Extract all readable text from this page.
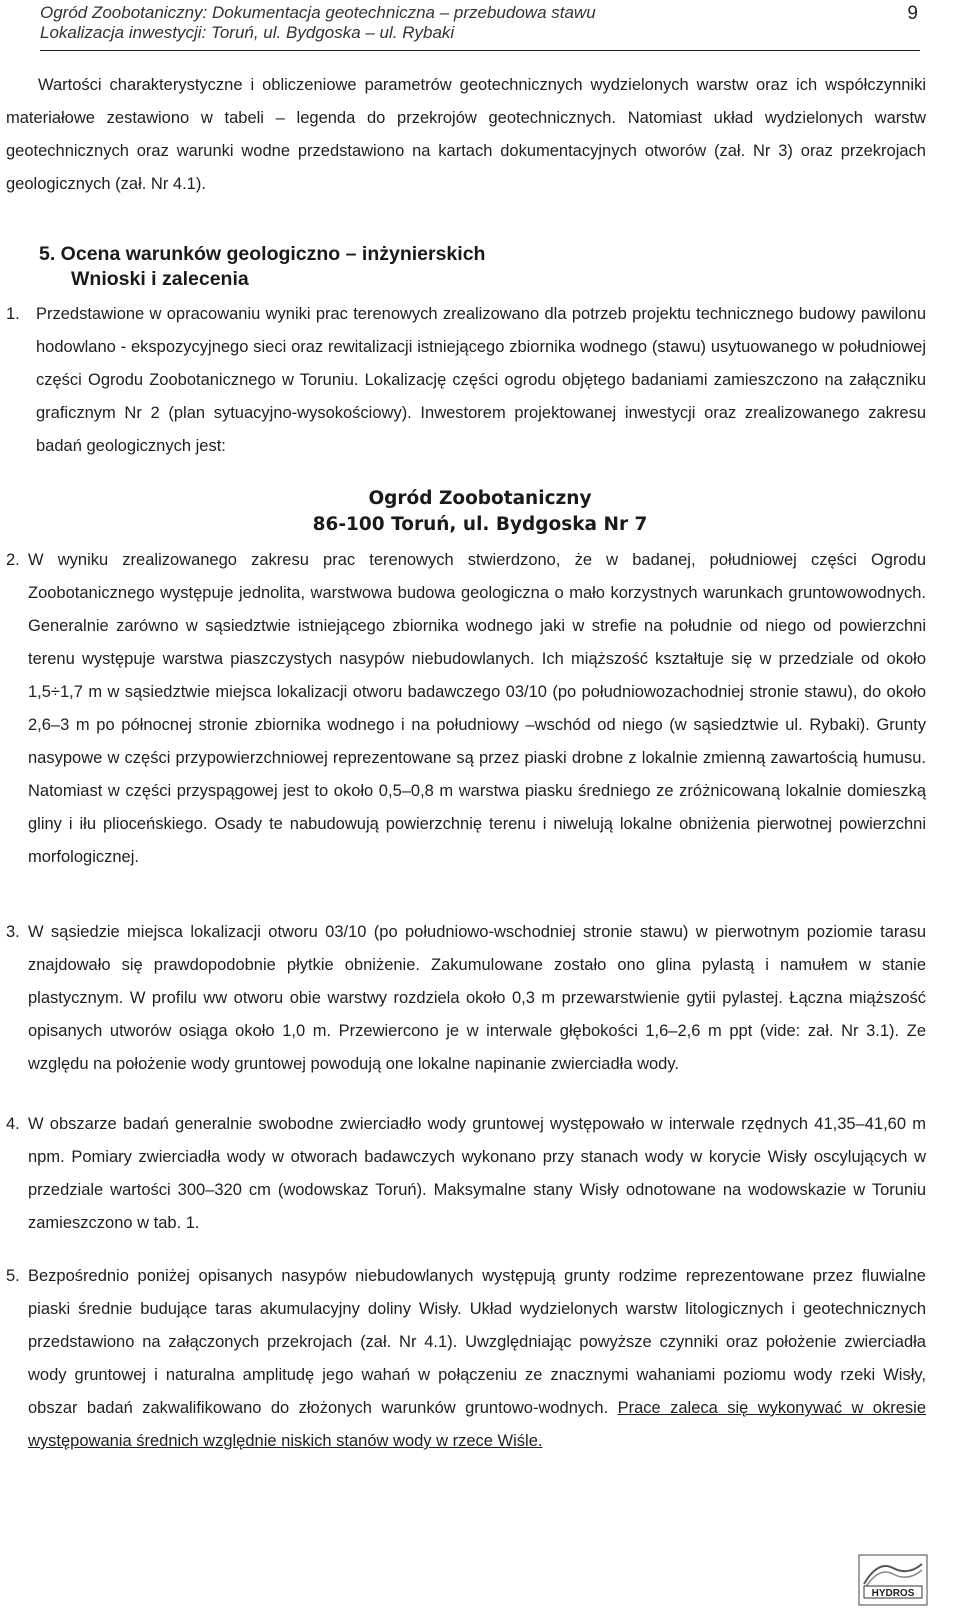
Ogród Zoobotaniczny: Dokumentacja geotechniczna – przebudowa stawu
Lokalizacja inwestycji: Toruń, ul. Bydgoska – ul. Rybaki
9
Wartości charakterystyczne i obliczeniowe parametrów geotechnicznych wydzielonych warstw oraz ich współczynniki materiałowe zestawiono w tabeli – legenda do przekrojów geotechnicznych. Natomiast układ wydzielonych warstw geotechnicznych oraz warunki wodne przedstawiono na kartach dokumentacyjnych otworów (zał. Nr 3) oraz przekrojach geologicznych (zał. Nr 4.1).
5. Ocena warunków geologiczno – inżynierskich
Wnioski i zalecenia
1. Przedstawione w opracowaniu wyniki prac terenowych zrealizowano dla potrzeb projektu technicznego budowy pawilonu hodowlano - ekspozycyjnego sieci oraz rewitalizacji istniejącego zbiornika wodnego (stawu) usytuowanego w południowej części Ogrodu Zoobotanicznego w Toruniu. Lokalizację części ogrodu objętego badaniami zamieszczono na załączniku graficznym Nr 2 (plan sytuacyjno-wysokościowy). Inwestorem projektowanej inwestycji oraz zrealizowanego zakresu badań geologicznych jest:
Ogród Zoobotaniczny
86-100 Toruń, ul. Bydgoska Nr 7
2. W wyniku zrealizowanego zakresu prac terenowych stwierdzono, że w badanej, południowej części Ogrodu Zoobotanicznego występuje jednolita, warstwowa budowa geologiczna o mało korzystnych warunkach gruntowowodnych. Generalnie zarówno w sąsiedztwie istniejącego zbiornika wodnego jaki w strefie na południe od niego od powierzchni terenu występuje warstwa piaszczystych nasypów niebudowlanych. Ich miąższość kształtuje się w przedziale od około 1,5÷1,7 m w sąsiedztwie miejsca lokalizacji otworu badawczego 03/10 (po południowozachodniej stronie stawu), do około 2,6–3 m po północnej stronie zbiornika wodnego i na południowy –wschód od niego (w sąsiedztwie ul. Rybaki). Grunty nasypowe w części przypowierzchniowej reprezentowane są przez piaski drobne z lokalnie zmienną zawartością humusu. Natomiast w części przyspągowej jest to około 0,5–0,8 m warstwa piasku średniego ze zróżnicowaną lokalnie domieszką gliny i iłu plioceńskiego. Osady te nabudowują powierzchnię terenu i niwelują lokalne obniżenia pierwotnej powierzchni morfologicznej.
3. W sąsiedzie miejsca lokalizacji otworu 03/10 (po południowo-wschodniej stronie stawu) w pierwotnym poziomie tarasu znajdowało się prawdopodobnie płytkie obniżenie. Zakumulowane zostało ono glina pylastą i namułem w stanie plastycznym. W profilu ww otworu obie warstwy rozdziela około 0,3 m przewarstwienie gytii pylastej. Łączna miąższość opisanych utworów osiąga około 1,0 m. Przewiercono je w interwale głębokości 1,6–2,6 m ppt (vide: zał. Nr 3.1). Ze względu na położenie wody gruntowej powodują one lokalne napinanie zwierciadła wody.
4. W obszarze badań generalnie swobodne zwierciadło wody gruntowej występowało w interwale rzędnych 41,35–41,60 m npm. Pomiary zwierciadła wody w otworach badawczych wykonano przy stanach wody w korycie Wisły oscylujących w przedziale wartości 300–320 cm (wodowskaz Toruń). Maksymalne stany Wisły odnotowane na wodowskazie w Toruniu zamieszczono w tab. 1.
5. Bezpośrednio poniżej opisanych nasypów niebudowlanych występują grunty rodzime reprezentowane przez fluwialne piaski średnie budujące taras akumulacyjny doliny Wisły. Układ wydzielonych warstw litologicznych i geotechnicznych przedstawiono na załączonych przekrojach (zał. Nr 4.1). Uwzględniając powyższe czynniki oraz położenie zwierciadła wody gruntowej i naturalna amplitudę jego wahań w połączeniu ze znacznymi wahaniami poziomu wody rzeki Wisły, obszar badań zakwalifikowano do złożonych warunków gruntowo-wodnych. Prace zaleca się wykonywać w okresie występowania średnich względnie niskich stanów wody w rzece Wiśle.
HYDROS
